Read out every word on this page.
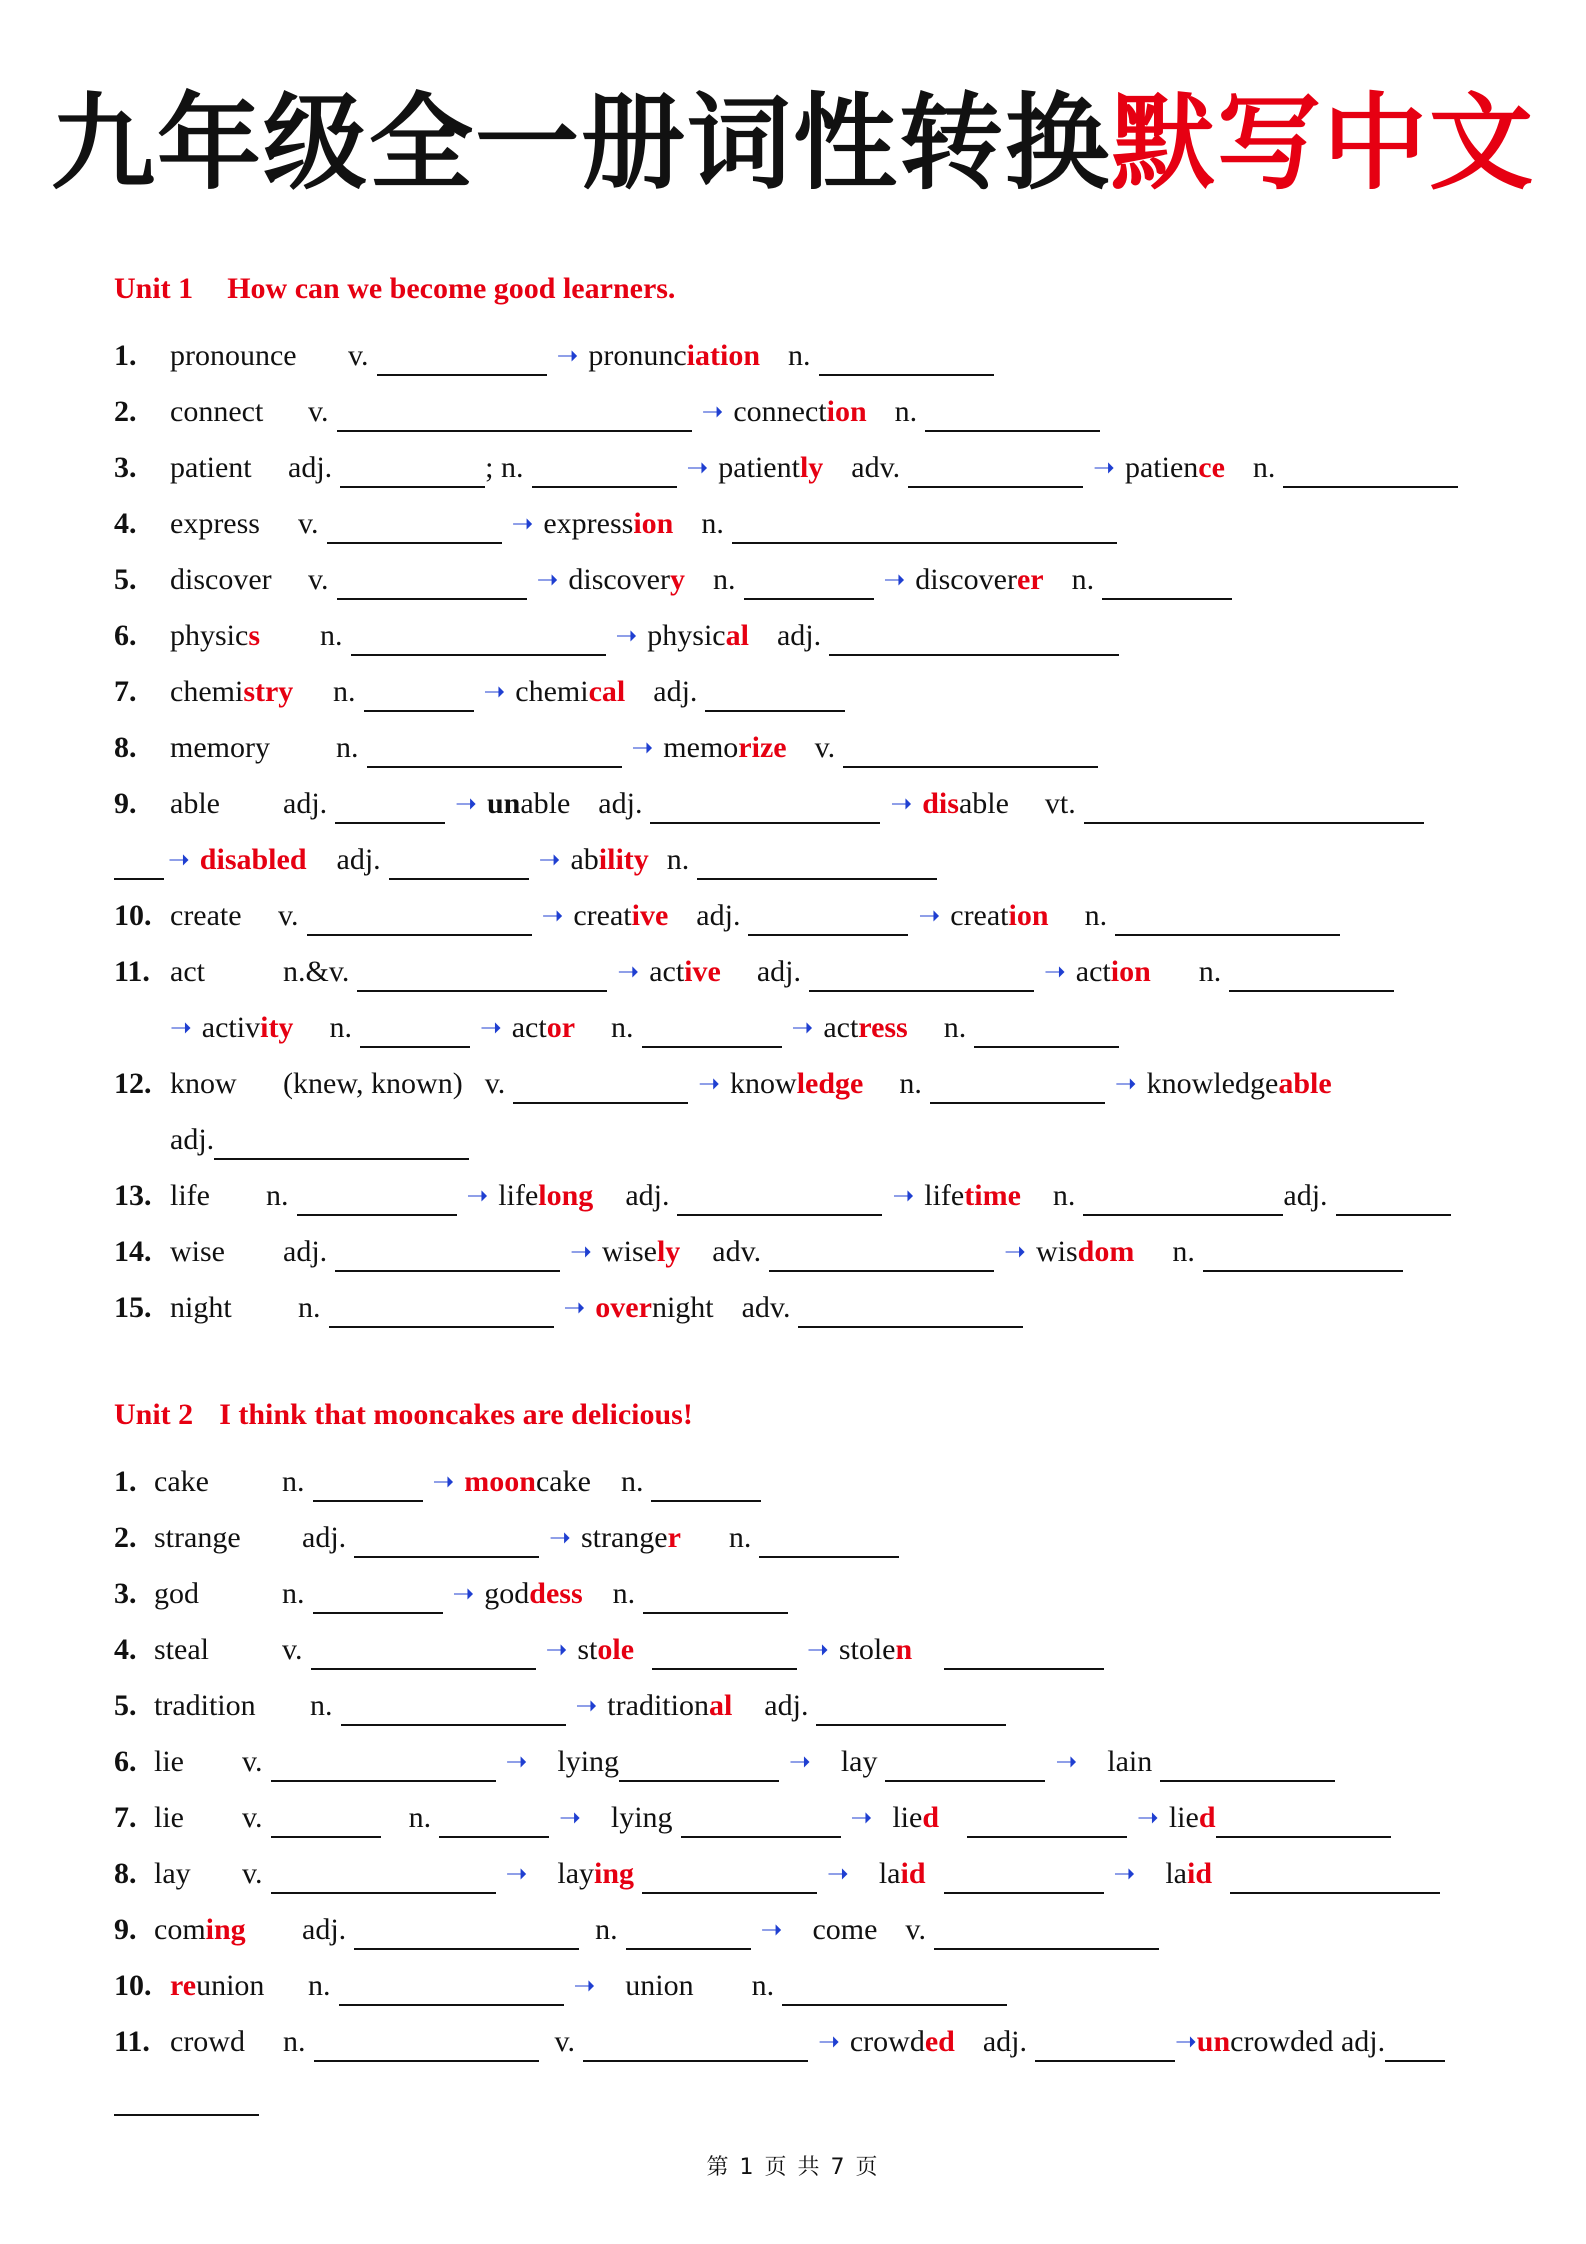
九年级全一册词性转换默写中文
Unit 1 How can we become good learners.
1.	pronounce	v.	➝ pronunciation n.
2.	connect	v.	➝ connection n.
3.	patient	adj.	; n.	➝ patiently adv.	➝ patience n.
4.	express	v.	➝ expression n.
5.	discover	v.	➝ discovery n.	➝ discoverer n.
6.	physics	n.	➝ physical adj.
7.	chemistry	n.	➝ chemical adj.
8.	memory	n.	➝ memorize v.
9.	able	adj.	➝ unable adj.	➝ disable vt.
➝ disabled adj.	➝ ability n.
10. create	v.	➝ creative adj.	➝ creation n.
11. act	n.&v.	➝ active adj.	➝ action n.
➝ activity n.	➝ actor n.	➝ actress n.
12. know	(knew, known) v.	➝ knowledge n.	➝ knowledgeable
adj.
13. life	n.	➝ lifelong adj.	➝ lifetime n.	adj.
14. wise	adj.	➝ wisely adv.	➝ wisdom n.
15. night	n.	➝ overnight adv.
Unit 2 I think that mooncakes are delicious!
1. cake	n.	➝ mooncake n.
2. strange	adj.	➝ stranger n.
3. god	n.	➝ goddess n.
4. steal	v.	➝ stole	➝ stolen
5. tradition	n.	➝ traditional adj.
6. lie	v.	➝ lying	➝ lay	➝ lain
7. lie	v.	n.	➝ lying	➝ lied	➝ lied
8. lay	v.	➝ laying	➝ laid	➝ laid
9. coming	adj.	n.	➝ come v.
10. reunion	n.	➝ union n.
11. crowd	n.	v.	➝ crowded adj.	➝ uncrowded adj.
第 1 页 共 7 页
